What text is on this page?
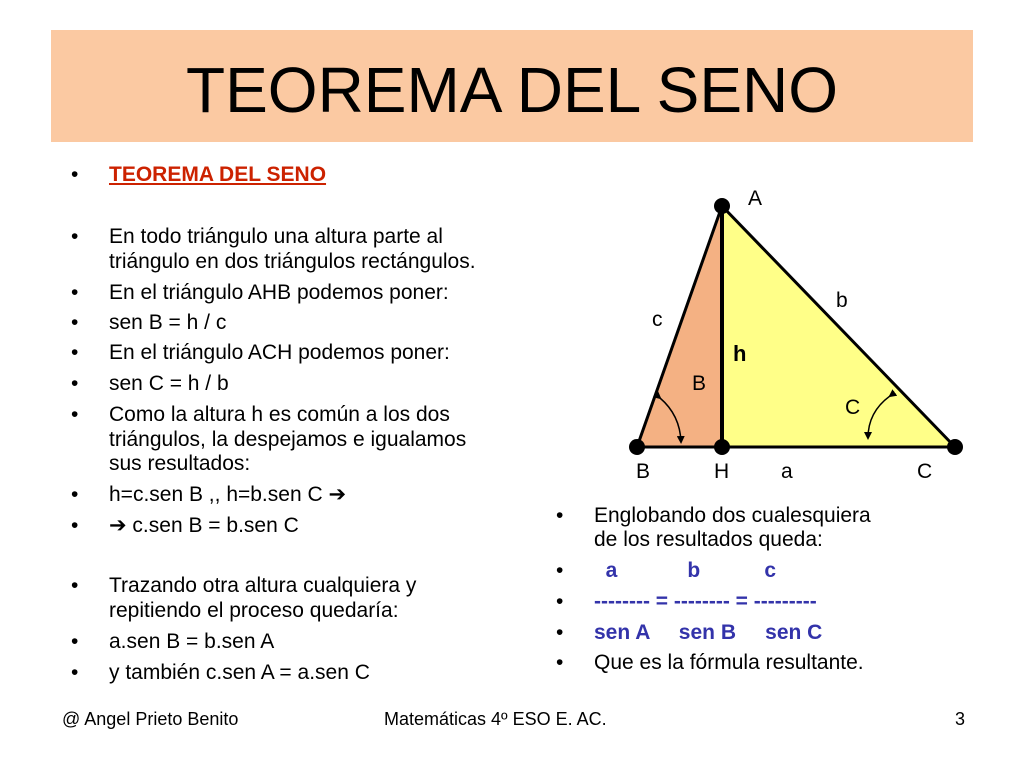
TEOREMA DEL SENO
• TEOREMA DEL SENO
• En todo triángulo una altura parte al
triángulo en dos triángulos rectángulos.
• En el triángulo AHB podemos poner:
• sen B = h / c
• En el triángulo ACH podemos poner:
• sen C = h / b
• Como la altura h es común a los dos
triángulos, la despejamos e igualamos
sus resultados:
• h=c.sen B ,, h=b.sen C ➔
• ➔ c.sen B = b.sen C
• Trazando otra altura cualquiera y
repitiendo el proceso quedaría:
• a.sen B = b.sen A
• y también c.sen A = a.sen C
• Englobando dos cualesquiera
de los resultados queda:
• a            b           c
• -------- = -------- = ---------
• sen A     sen B     sen C
• Que es la fórmula resultante.
A
b
c
h
B
C
B	H a	C
@ Angel Prieto Benito	Matemáticas 4º ESO E. AC.	3
